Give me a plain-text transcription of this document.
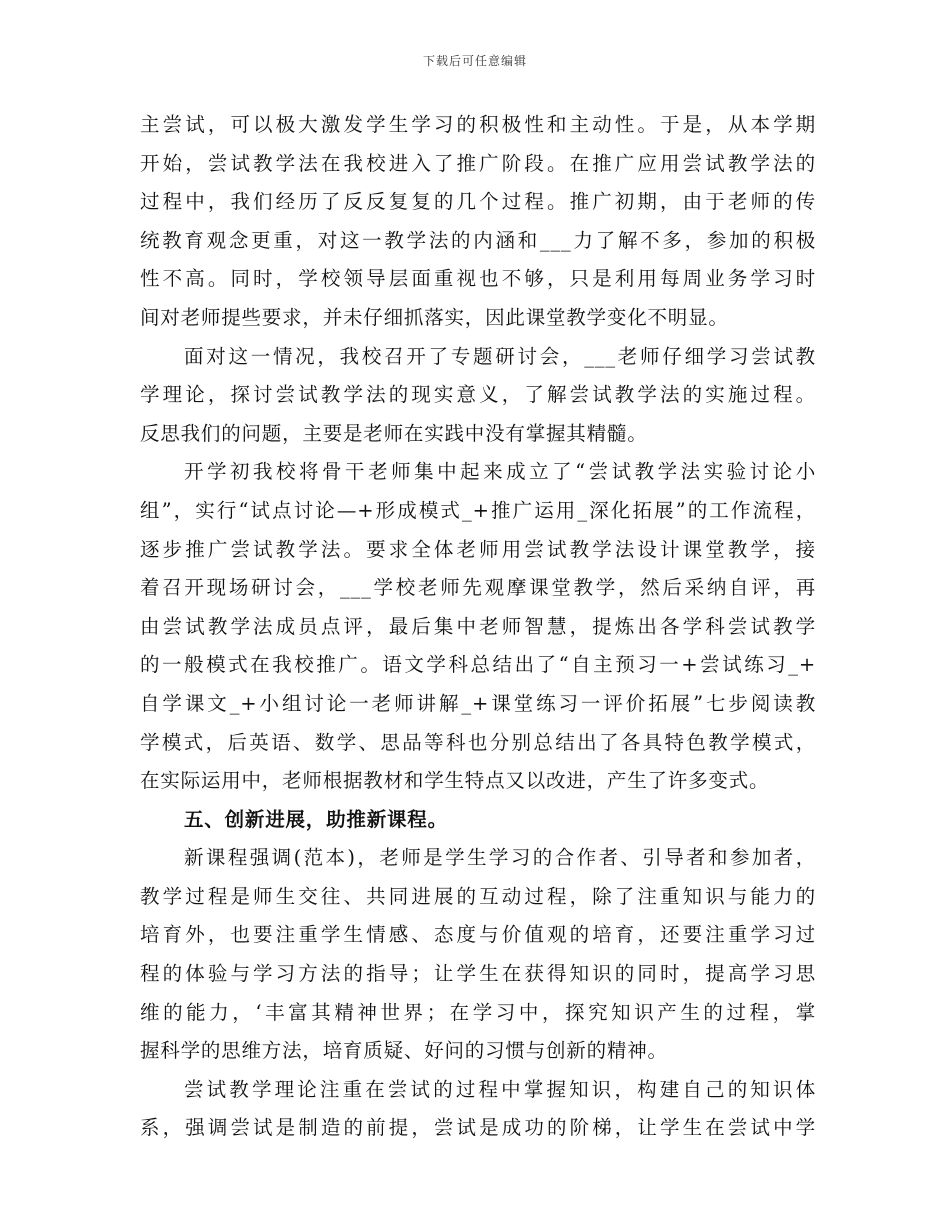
下载后可任意编辑
主尝试，可以极大激发学生学习的积极性和主动性。于是，从本学期
开始，尝试教学法在我校进入了推广阶段。在推广应用尝试教学法的
过程中，我们经历了反反复复的几个过程。推广初期，由于老师的传
统教育观念更重，对这一教学法的内涵和___力了解不多，参加的积极
性不高。同时，学校领导层面重视也不够，只是利用每周业务学习时
间对老师提些要求，并未仔细抓落实，因此课堂教学变化不明显。
面对这一情况，我校召开了专题研讨会，___老师仔细学习尝试教
学理论，探讨尝试教学法的现实意义，了解尝试教学法的实施过程。
反思我们的问题，主要是老师在实践中没有掌握其精髓。
开学初我校将骨干老师集中起来成立了“尝试教学法实验讨论小
组”，实行“试点讨论—+形成模式_+推广运用_深化拓展”的工作流程，
逐步推广尝试教学法。要求全体老师用尝试教学法设计课堂教学，接
着召开现场研讨会，___学校老师先观摩课堂教学，然后采纳自评，再
由尝试教学法成员点评，最后集中老师智慧，提炼出各学科尝试教学
的一般模式在我校推广。语文学科总结出了“自主预习一+尝试练习_+
自学课文_+小组讨论一老师讲解_+课堂练习一评价拓展”七步阅读教
学模式，后英语、数学、思品等科也分别总结出了各具特色教学模式，
在实际运用中，老师根据教材和学生特点又以改进，产生了许多变式。
五、创新进展，助推新课程。
新课程强调(范本)，老师是学生学习的合作者、引导者和参加者，
教学过程是师生交往、共同进展的互动过程，除了注重知识与能力的
培育外，也要注重学生情感、态度与价值观的培育，还要注重学习过
程的体验与学习方法的指导；让学生在获得知识的同时，提高学习思
维的能力，‘丰富其精神世界；在学习中，探究知识产生的过程，掌
握科学的思维方法，培育质疑、好问的习惯与创新的精神。
尝试教学理论注重在尝试的过程中掌握知识，构建自己的知识体
系，强调尝试是制造的前提，尝试是成功的阶梯，让学生在尝试中学
